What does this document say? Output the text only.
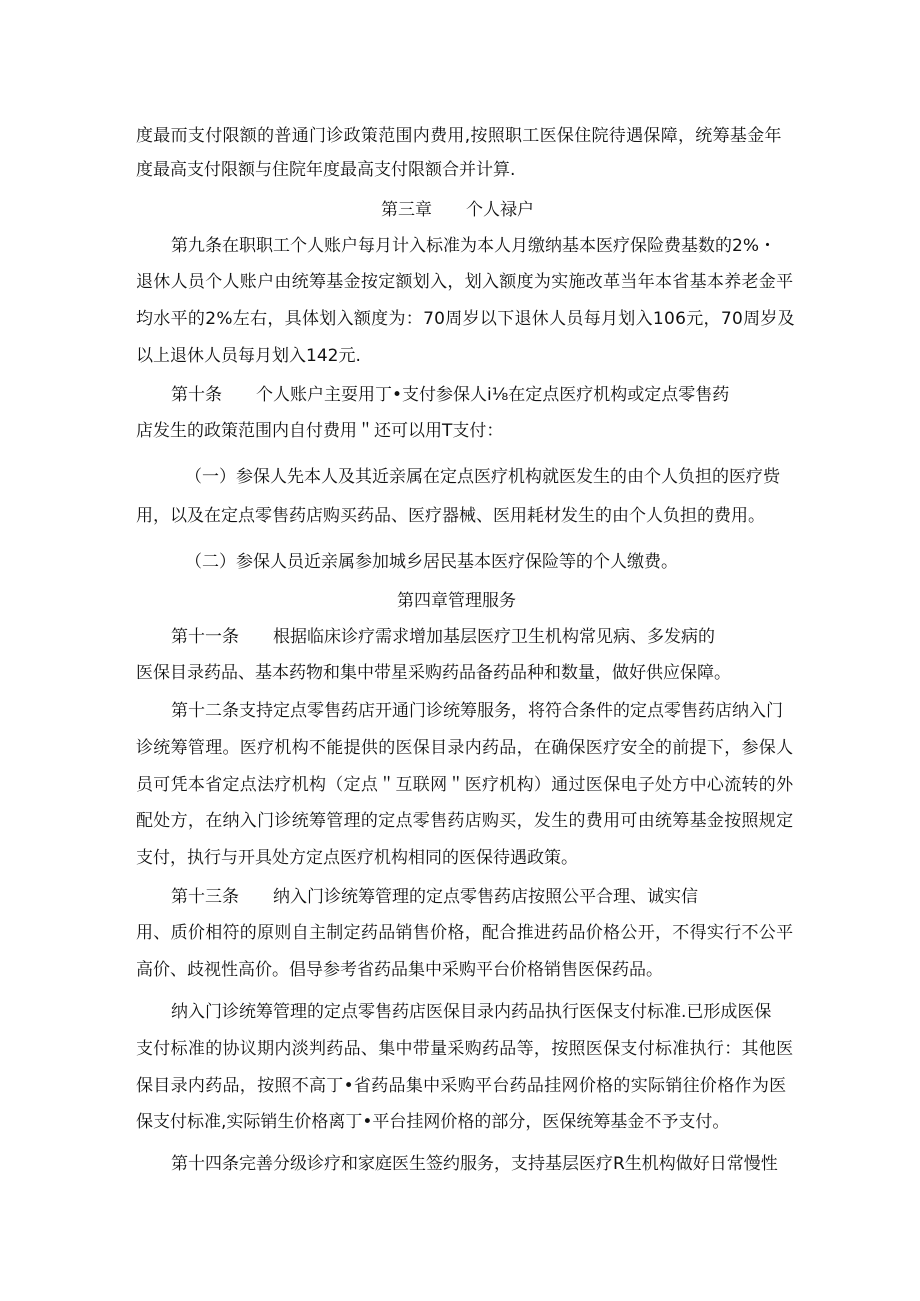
度最而支付限额的普通门诊政策范围内费用,按照职工医保住院待遇保障，统筹基金年
度最高支付限额与住院年度最高支付限额合并计算.
第三章　　个人禄户
第九条在职职工个人账户每月计入标准为本人月缴纳基本医疗保险费基数的2%・
退休人员个人账户由统筹基金按定额划入，划入额度为实施改革当年本省基本养老金平
均水平的2%左右，具体划入额度为：70周岁以下退休人员每月划入106元，70周岁及
以上退休人员每月划入142元.
第十条　　个人账户主耍用丁•支付参保人i⅛在定点医疗机构或定点零售药
店发生的政策范围内自付费用＂还可以用T支付：
（一）参保人先本人及其近亲属在定点医疗机构就医发生的由个人负担的医疗赀
用，以及在定点零售药店购买药品、医疗器械、医用耗材发生的由个人负担的费用。
（二）参保人员近亲属参加城乡居民基本医疗保险等的个人缴费。
第四章管理服务
第十一条　　根据临床诊疗需求增加基层医疗卫生机构常见病、多发病的
医保目录药品、基本药物和集中带星采购药品备药品种和数量，做好供应保障。
第十二条支持定点零售药店开通门诊统筹服务，将符合条件的定点零售药店纳入门
诊统筹管理。医疗机构不能提供的医保目录内药品，在确保医疗安全的前提下，参保人
员可凭本省定点法疗机构（定点＂互联网＂医疗机构）通过医保电子处方中心流转的外
配处方，在纳入门诊统筹管理的定点零售药店购买，发生的费用可由统筹基金按照规定
支付，执行与开具处方定点医疗机构相同的医保待遇政策。
第十三条　　纳入门诊统筹管理的定点零售药店按照公平合理、诚实信
用、质价相符的原则自主制定药品销售价格，配合推进药品价格公开，不得实行不公平
高价、歧视性高价。倡导参考省药品集中采购平台价格销售医保药品。
纳入门诊统筹管理的定点零售药店医保目录内药品执行医保支付标准.已形成医保
支付标准的协议期内淡判药品、集中带量采购药品等，按照医保支付标准执行：其他医
保目录内药品，按照不高丁•省药品集中采购平台药品挂网价格的实际销往价格作为医
保支付标准,实际销生价格离丁•平台挂网价格的部分，医保统筹基金不予支付。
第十四条完善分级诊疗和家庭医生签约服务，支持基层医疗R生机构做好日常慢性
